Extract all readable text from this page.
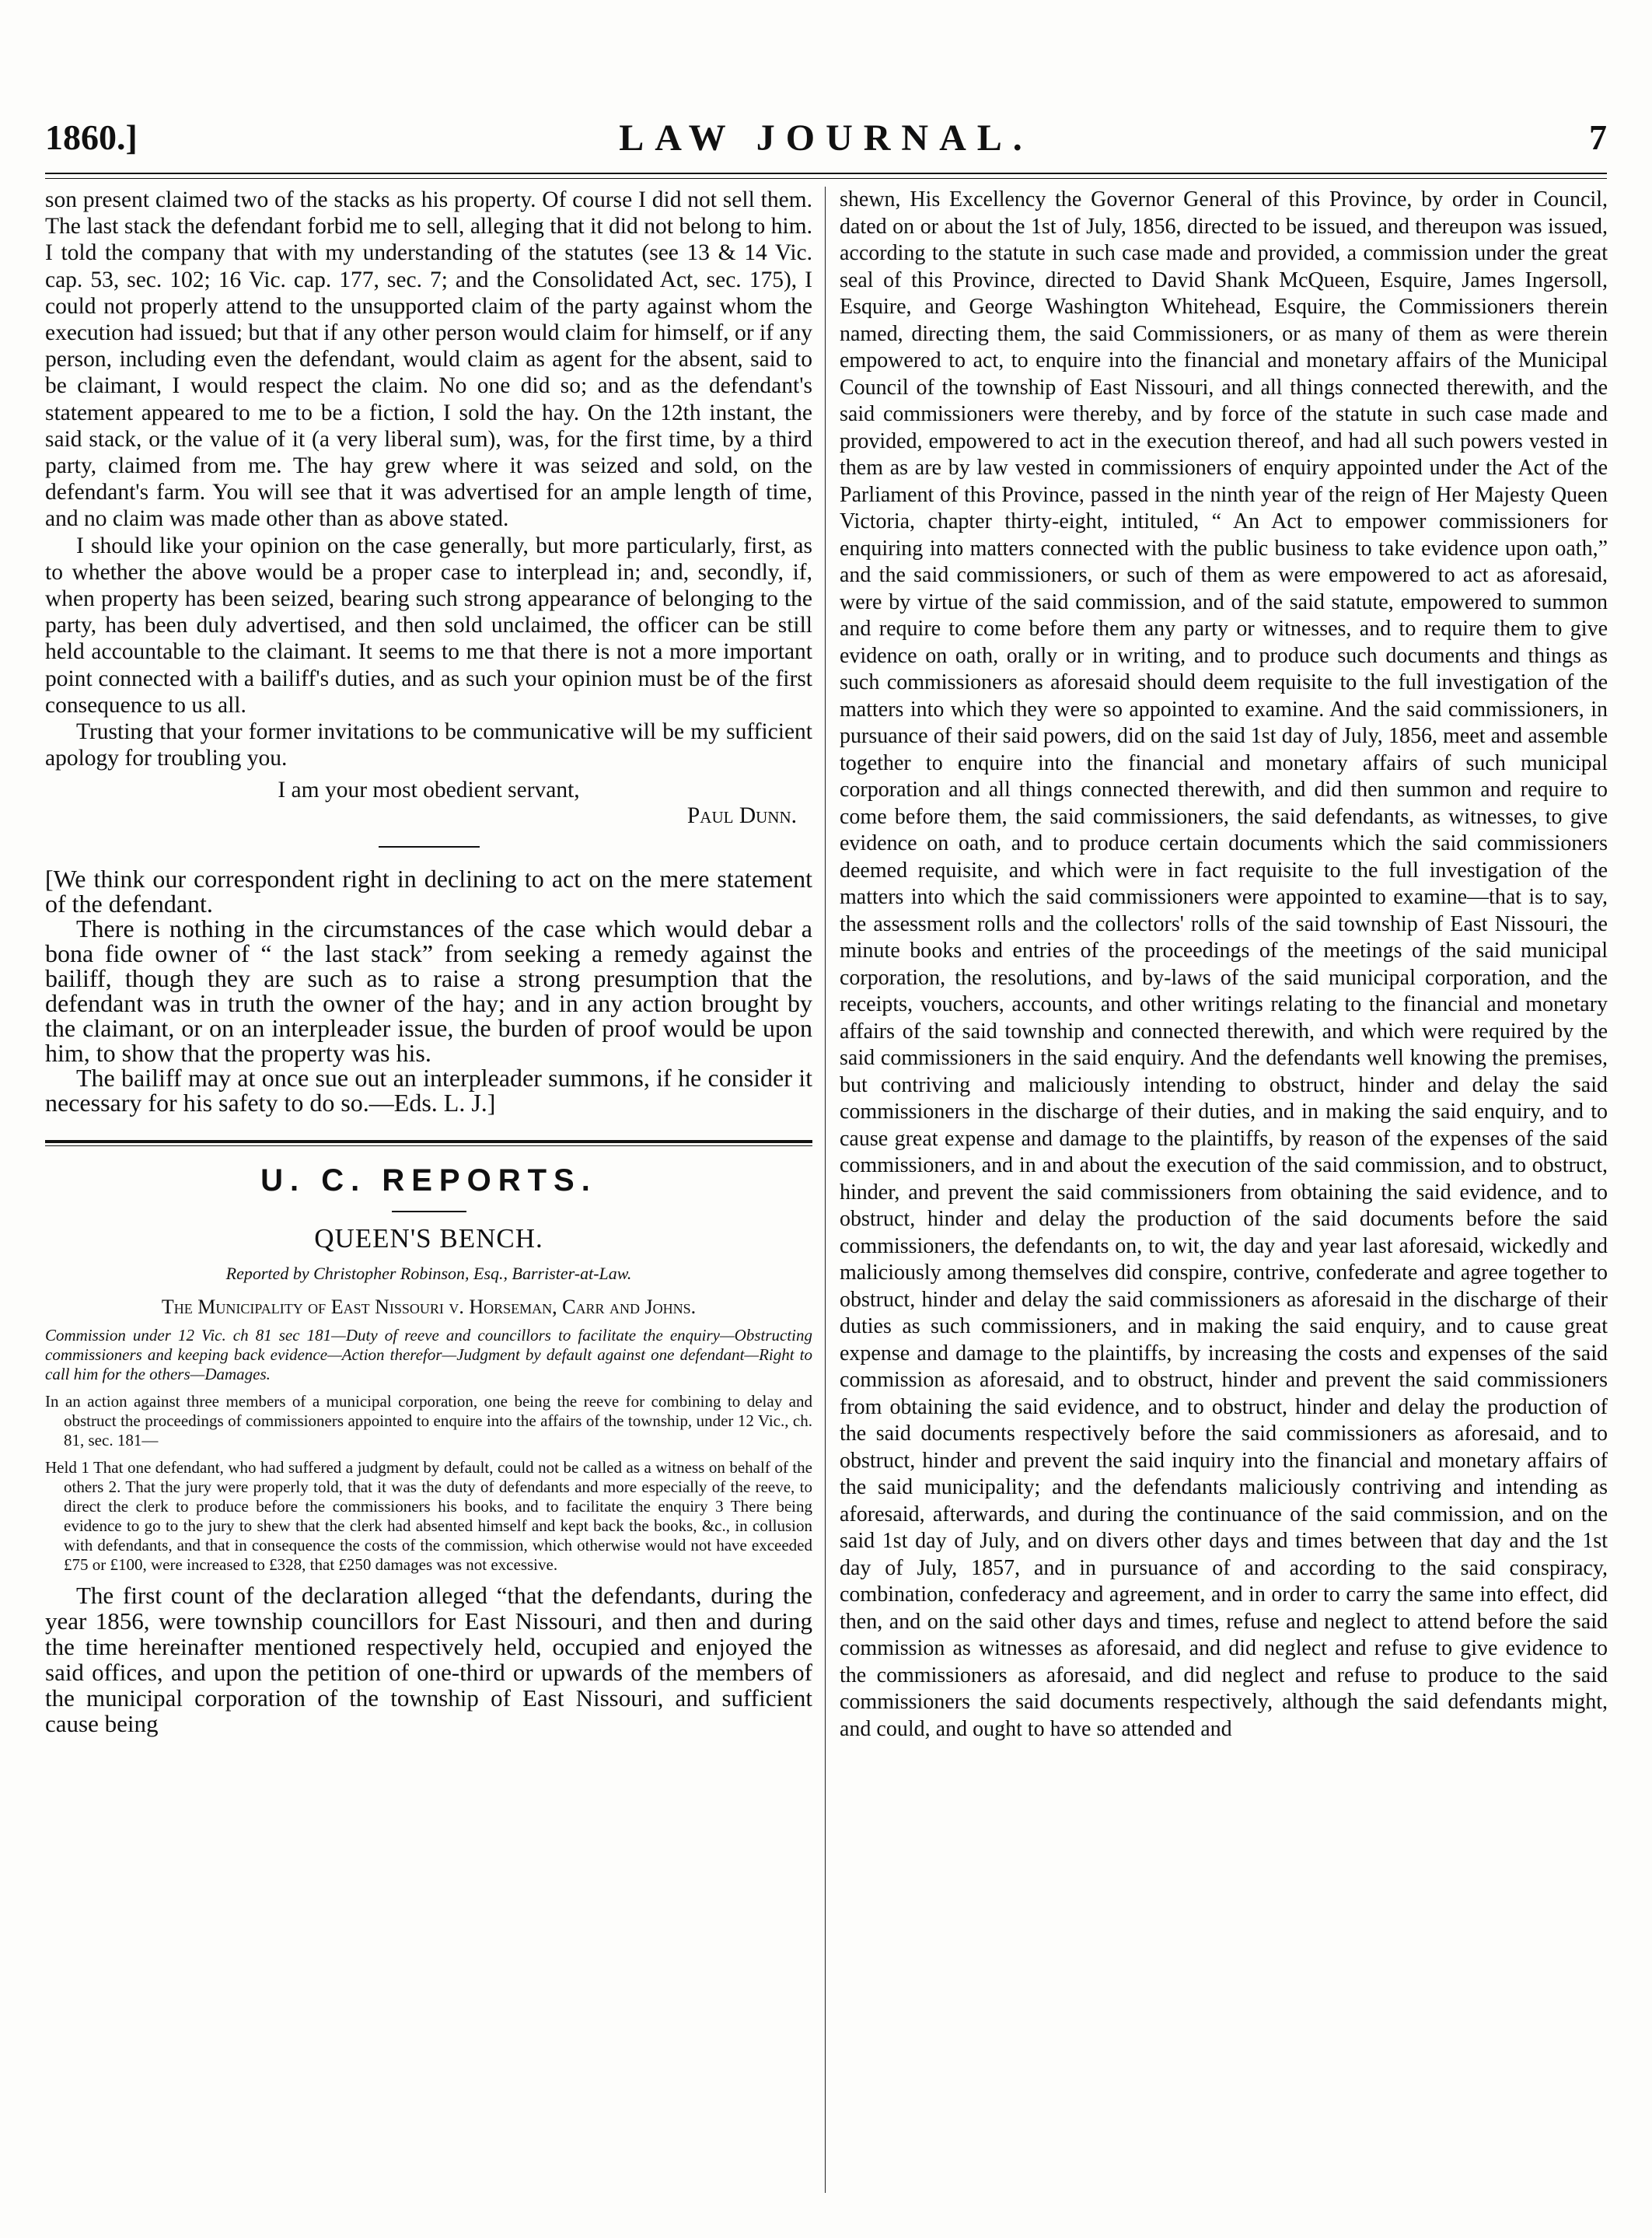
1860.]	LAW JOURNAL.	7

son present claimed two of the stacks as his property. Of course I did not sell them. The last stack the defendant forbid me to sell, alleging that it did not belong to him. I told the company that with my understanding of the statutes (see 13 & 14 Vic. cap. 53, sec. 102; 16 Vic. cap. 177, sec. 7; and the Consolidated Act, sec. 175), I could not properly attend to the unsupported claim of the party against whom the execution had issued; but that if any other person would claim for himself, or if any person, including even the defendant, would claim as agent for the absent, said to be claimant, I would respect the claim. No one did so; and as the defendant's statement appeared to me to be a fiction, I sold the hay. On the 12th instant, the said stack, or the value of it (a very liberal sum), was, for the first time, by a third party, claimed from me. The hay grew where it was seized and sold, on the defendant's farm. You will see that it was advertised for an ample length of time, and no claim was made other than as above stated.

I should like your opinion on the case generally, but more particularly, first, as to whether the above would be a proper case to interplead in; and, secondly, if, when property has been seized, bearing such strong appearance of belonging to the party, has been duly advertised, and then sold unclaimed, the officer can be still held accountable to the claimant. It seems to me that there is not a more important point connected with a bailiff's duties, and as such your opinion must be of the first consequence to us all.

Trusting that your former invitations to be communicative will be my sufficient apology for troubling you.

I am your most obedient servant,
Paul Dunn.

[We think our correspondent right in declining to act on the mere statement of the defendant.

There is nothing in the circumstances of the case which would debar a bona fide owner of “ the last stack” from seeking a remedy against the bailiff, though they are such as to raise a strong presumption that the defendant was in truth the owner of the hay; and in any action brought by the claimant, or on an interpleader issue, the burden of proof would be upon him, to show that the property was his.

The bailiff may at once sue out an interpleader summons, if he consider it necessary for his safety to do so.—Eds. L. J.]

U. C. REPORTS.
QUEEN'S BENCH.
Reported by Christopher Robinson, Esq., Barrister-at-Law.
The Municipality of East Nissouri v. Horseman, Carr and Johns.

Commission under 12 Vic. ch 81 sec 181—Duty of reeve and councillors to facilitate the enquiry—Obstructing commissioners and keeping back evidence—Action therefor—Judgment by default against one defendant—Right to call him for the others—Damages.

In an action against three members of a municipal corporation, one being the reeve for combining to delay and obstruct the proceedings of commissioners appointed to enquire into the affairs of the township, under 12 Vic., ch. 81, sec. 181—

Held 1 That one defendant, who had suffered a judgment by default, could not be called as a witness on behalf of the others 2. That the jury were properly told, that it was the duty of defendants and more especially of the reeve, to direct the clerk to produce before the commissioners his books, and to facilitate the enquiry 3 There being evidence to go to the jury to shew that the clerk had absented himself and kept back the books, &c., in collusion with defendants, and that in consequence the costs of the commission, which otherwise would not have exceeded £75 or £100, were increased to £328, that £250 damages was not excessive.

The first count of the declaration alleged “that the defendants, during the year 1856, were township councillors for East Nissouri, and then and during the time hereinafter mentioned respectively held, occupied and enjoyed the said offices, and upon the petition of one-third or upwards of the members of the municipal corporation of the township of East Nissouri, and sufficient cause being

shewn, His Excellency the Governor General of this Province, by order in Council, dated on or about the 1st of July, 1856, directed to be issued, and thereupon was issued, according to the statute in such case made and provided, a commission under the great seal of this Province, directed to David Shank McQueen, Esquire, James Ingersoll, Esquire, and George Washington Whitehead, Esquire, the Commissioners therein named, directing them, the said Commissioners, or as many of them as were therein empowered to act, to enquire into the financial and monetary affairs of the Municipal Council of the township of East Nissouri, and all things connected therewith, and the said commissioners were thereby, and by force of the statute in such case made and provided, empowered to act in the execution thereof, and had all such powers vested in them as are by law vested in commissioners of enquiry appointed under the Act of the Parliament of this Province, passed in the ninth year of the reign of Her Majesty Queen Victoria, chapter thirty-eight, intituled, “ An Act to empower commissioners for enquiring into matters connected with the public business to take evidence upon oath,” and the said commissioners, or such of them as were empowered to act as aforesaid, were by virtue of the said commission, and of the said statute, empowered to summon and require to come before them any party or witnesses, and to require them to give evidence on oath, orally or in writing, and to produce such documents and things as such commissioners as aforesaid should deem requisite to the full investigation of the matters into which they were so appointed to examine. And the said commissioners, in pursuance of their said powers, did on the said 1st day of July, 1856, meet and assemble together to enquire into the financial and monetary affairs of such municipal corporation and all things connected therewith, and did then summon and require to come before them, the said commissioners, the said defendants, as witnesses, to give evidence on oath, and to produce certain documents which the said commissioners deemed requisite, and which were in fact requisite to the full investigation of the matters into which the said commissioners were appointed to examine—that is to say, the assessment rolls and the collectors' rolls of the said township of East Nissouri, the minute books and entries of the proceedings of the meetings of the said municipal corporation, the resolutions, and by-laws of the said municipal corporation, and the receipts, vouchers, accounts, and other writings relating to the financial and monetary affairs of the said township and connected therewith, and which were required by the said commissioners in the said enquiry. And the defendants well knowing the premises, but contriving and maliciously intending to obstruct, hinder and delay the said commissioners in the discharge of their duties, and in making the said enquiry, and to cause great expense and damage to the plaintiffs, by reason of the expenses of the said commissioners, and in and about the execution of the said commission, and to obstruct, hinder, and prevent the said commissioners from obtaining the said evidence, and to obstruct, hinder and delay the production of the said documents before the said commissioners, the defendants on, to wit, the day and year last aforesaid, wickedly and maliciously among themselves did conspire, contrive, confederate and agree together to obstruct, hinder and delay the said commissioners as aforesaid in the discharge of their duties as such commissioners, and in making the said enquiry, and to cause great expense and damage to the plaintiffs, by increasing the costs and expenses of the said commission as aforesaid, and to obstruct, hinder and prevent the said commissioners from obtaining the said evidence, and to obstruct, hinder and delay the production of the said documents respectively before the said commissioners as aforesaid, and to obstruct, hinder and prevent the said inquiry into the financial and monetary affairs of the said municipality; and the defendants maliciously contriving and intending as aforesaid, afterwards, and during the continuance of the said commission, and on the said 1st day of July, and on divers other days and times between that day and the 1st day of July, 1857, and in pursuance of and according to the said conspiracy, combination, confederacy and agreement, and in order to carry the same into effect, did then, and on the said other days and times, refuse and neglect to attend before the said commission as witnesses as aforesaid, and did neglect and refuse to give evidence to the commissioners as aforesaid, and did neglect and refuse to produce to the said commissioners the said documents respectively, although the said defendants might, and could, and ought to have so attended and
